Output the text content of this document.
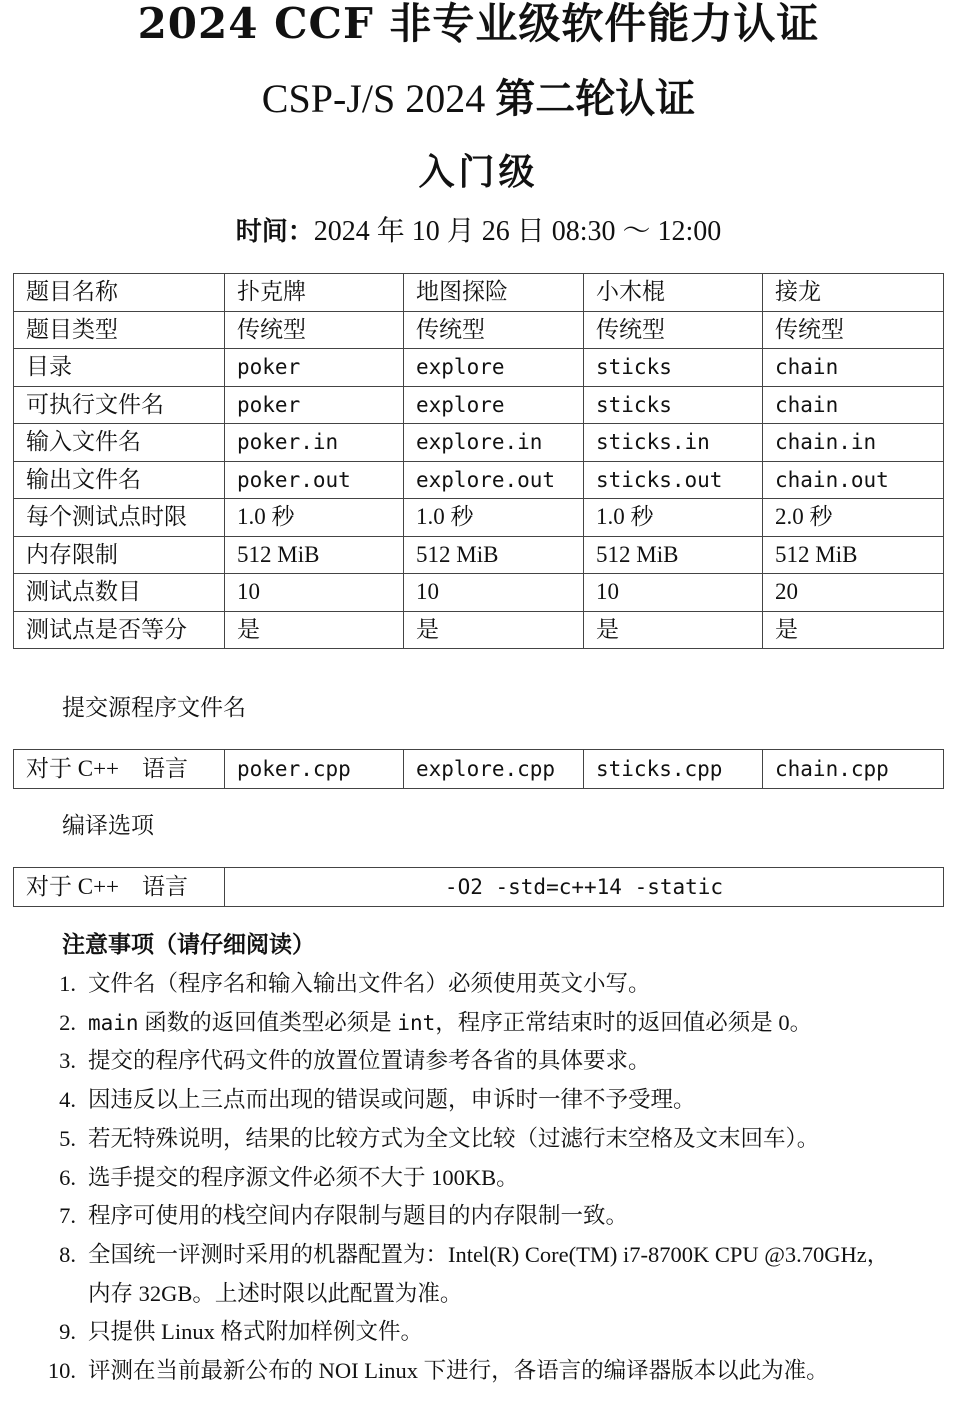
2024 CCF 非专业级软件能力认证
CSP-J/S 2024 第二轮认证
入门级
时间：2024 年 10 月 26 日 08:30 ～ 12:00
题目名称	扑克牌	地图探险	小木棍	接龙
题目类型	传统型	传统型	传统型	传统型
目录	poker	explore	sticks	chain
可执行文件名	poker	explore	sticks	chain
输入文件名	poker.in	explore.in	sticks.in	chain.in
输出文件名	poker.out	explore.out	sticks.out	chain.out
每个测试点时限	1.0 秒	1.0 秒	1.0 秒	2.0 秒
内存限制	512 MiB	512 MiB	512 MiB	512 MiB
测试点数目	10	10	10	20
测试点是否等分	是	是	是	是
提交源程序文件名
对于 C++　语言	poker.cpp	explore.cpp	sticks.cpp	chain.cpp
编译选项
对于 C++　语言	-O2 -std=c++14 -static
注意事项（请仔细阅读）
1. 文件名（程序名和输入输出文件名）必须使用英文小写。
2. main 函数的返回值类型必须是 int，程序正常结束时的返回值必须是 0。
3. 提交的程序代码文件的放置位置请参考各省的具体要求。
4. 因违反以上三点而出现的错误或问题，申诉时一律不予受理。
5. 若无特殊说明，结果的比较方式为全文比较（过滤行末空格及文末回车）。
6. 选手提交的程序源文件必须不大于 100KB。
7. 程序可使用的栈空间内存限制与题目的内存限制一致。
8. 全国统一评测时采用的机器配置为：Intel(R) Core(TM) i7-8700K CPU @3.70GHz，
内存 32GB。上述时限以此配置为准。
9. 只提供 Linux 格式附加样例文件。
10. 评测在当前最新公布的 NOI Linux 下进行，各语言的编译器版本以此为准。
